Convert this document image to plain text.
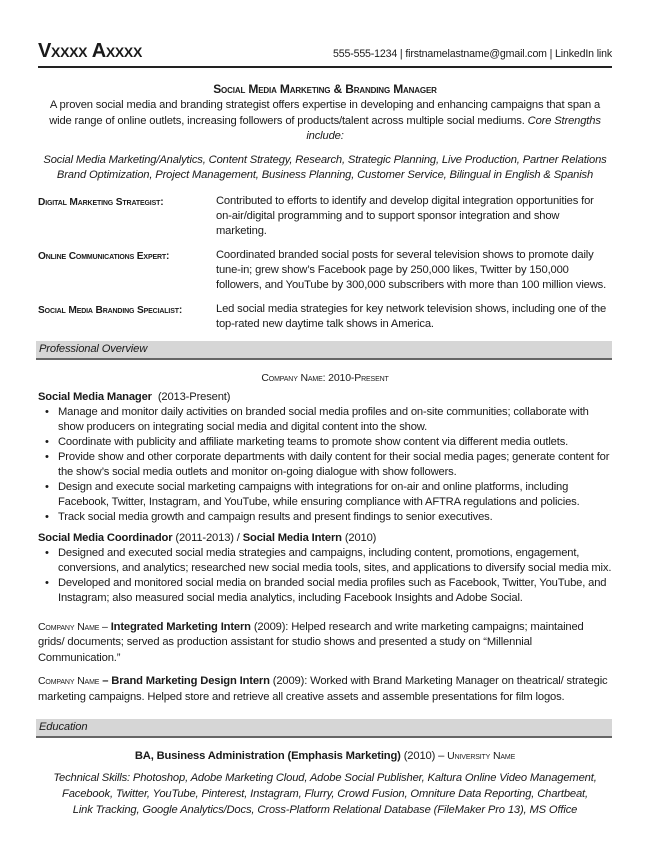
Vxxxx Axxxx	555-555-1234 | firstnamelastname@gmail.com | LinkedIn link
Social Media Marketing & Branding Manager
A proven social media and branding strategist offers expertise in developing and enhancing campaigns that span a wide range of online outlets, increasing followers of products/talent across multiple social mediums. Core Strengths include:
Social Media Marketing/Analytics, Content Strategy, Research, Strategic Planning, Live Production, Partner Relations
Brand Optimization, Project Management, Business Planning, Customer Service, Bilingual in English & Spanish
Digital Marketing Strategist:	Contributed to efforts to identify and develop digital integration opportunities for on-air/digital programming and to support sponsor integration and show marketing.
Online Communications Expert:	Coordinated branded social posts for several television shows to promote daily tune-in; grew show’s Facebook page by 250,000 likes, Twitter by 150,000 followers, and YouTube by 300,000 subscribers with more than 100 million views.
Social Media Branding Specialist:	Led social media strategies for key network television shows, including one of the top-rated new daytime talk shows in America.
Professional Overview
Company Name: 2010-Present
Social Media Manager (2013-Present)
• Manage and monitor daily activities on branded social media profiles and on-site communities; collaborate with show producers on integrating social media and digital content into the show.
• Coordinate with publicity and affiliate marketing teams to promote show content via different media outlets.
• Provide show and other corporate departments with daily content for their social media pages; generate content for the show’s social media outlets and monitor on-going dialogue with show followers.
• Design and execute social marketing campaigns with integrations for on-air and online platforms, including Facebook, Twitter, Instagram, and YouTube, while ensuring compliance with AFTRA regulations and policies.
• Track social media growth and campaign results and present findings to senior executives.
Social Media Coordinador (2011-2013) / Social Media Intern (2010)
• Designed and executed social media strategies and campaigns, including content, promotions, engagement, conversions, and analytics; researched new social media tools, sites, and applications to diversify social media mix.
• Developed and monitored social media on branded social media profiles such as Facebook, Twitter, YouTube, and Instagram; also measured social media analytics, including Facebook Insights and Adobe Social.
Company Name – Integrated Marketing Intern (2009): Helped research and write marketing campaigns; maintained grids/ documents; served as production assistant for studio shows and presented a study on “Millennial Communication.”
Company Name – Brand Marketing Design Intern (2009): Worked with Brand Marketing Manager on theatrical/ strategic marketing campaigns. Helped store and retrieve all creative assets and assemble presentations for film logos.
Education
BA, Business Administration (Emphasis Marketing) (2010) – University Name
Technical Skills: Photoshop, Adobe Marketing Cloud, Adobe Social Publisher, Kaltura Online Video Management,
Facebook, Twitter, YouTube, Pinterest, Instagram, Flurry, Crowd Fusion, Omniture Data Reporting, Chartbeat,
Link Tracking, Google Analytics/Docs, Cross-Platform Relational Database (FileMaker Pro 13), MS Office
